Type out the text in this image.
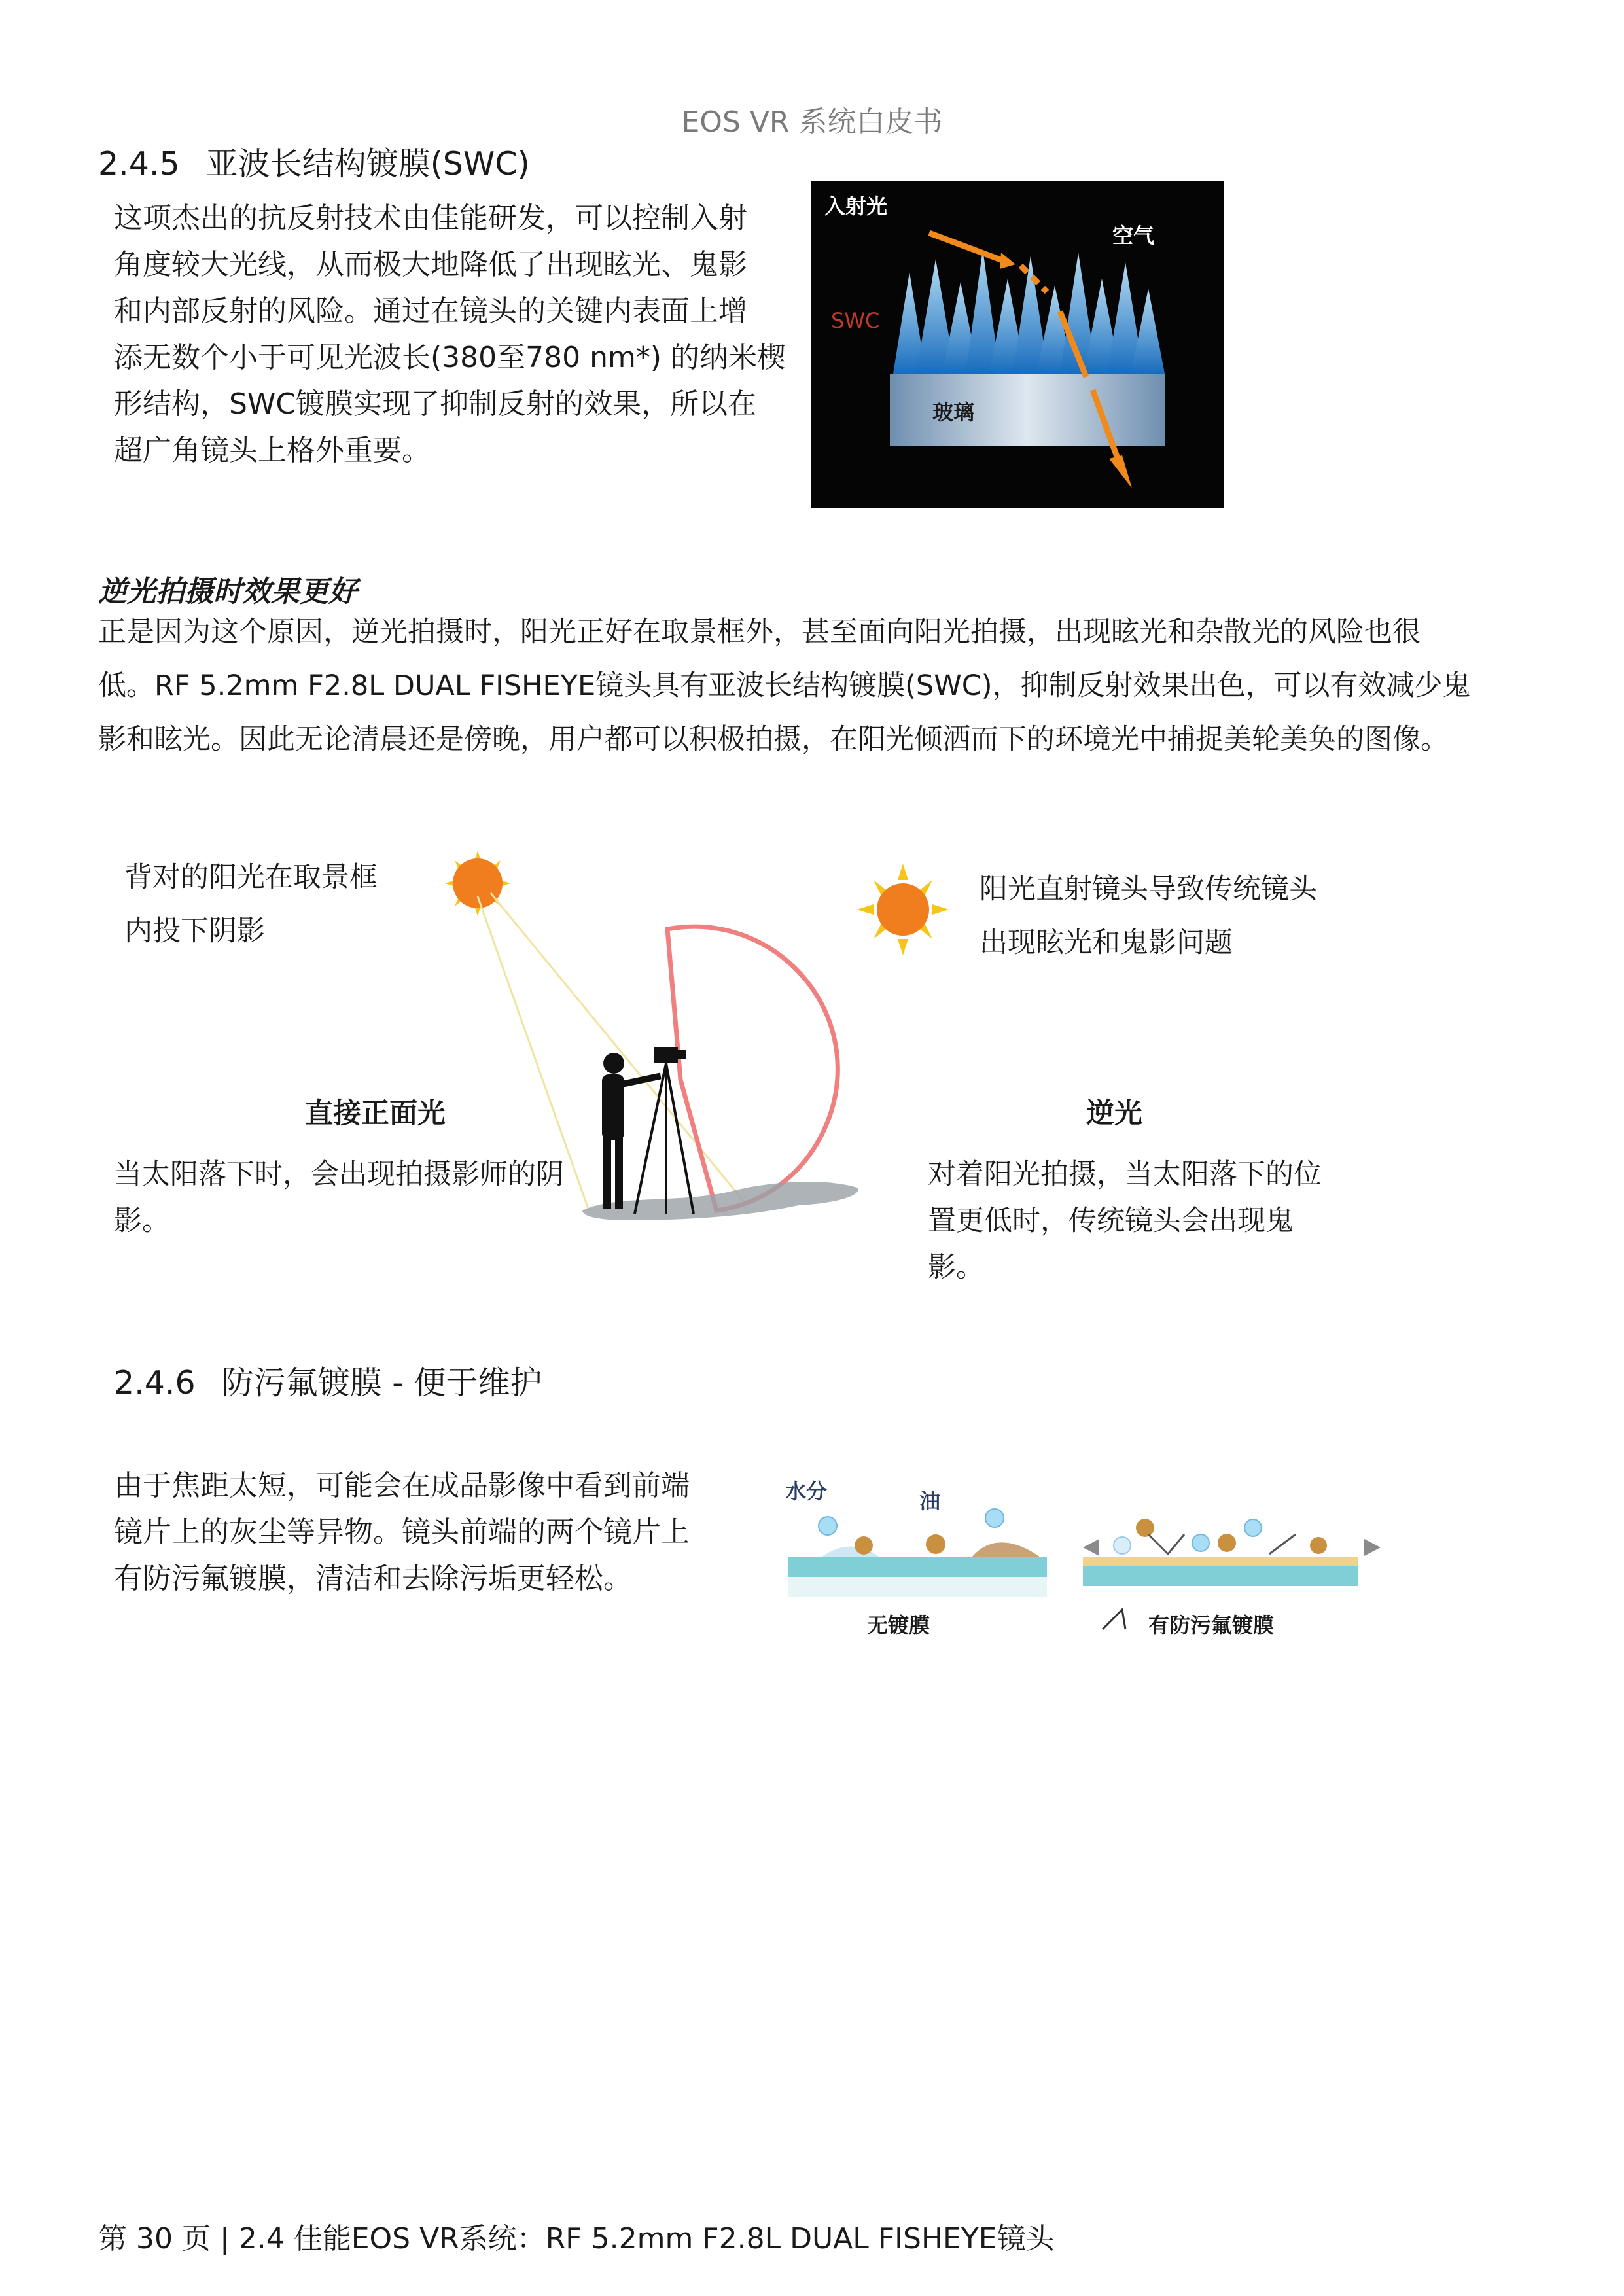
EOS VR 系统白皮书
2.4.5 亚波长结构镀膜(SWC)
这项杰出的抗反射技术由佳能研发，可以控制入射
角度较大光线，从而极大地降低了出现眩光、鬼影
和内部反射的风险。通过在镜头的关键内表面上增
添无数个小于可见光波长(380至780 nm*) 的纳米楔
形结构，SWC镀膜实现了抑制反射的效果，所以在
超广角镜头上格外重要。
入射光
空气
SWC
玻璃
逆光拍摄时效果更好
正是因为这个原因，逆光拍摄时，阳光正好在取景框外，甚至面向阳光拍摄，出现眩光和杂散光的风险也很
低。RF 5.2mm F2.8L DUAL FISHEYE镜头具有亚波长结构镀膜(SWC)，抑制反射效果出色，可以有效减少鬼
影和眩光。因此无论清晨还是傍晚，用户都可以积极拍摄，在阳光倾洒而下的环境光中捕捉美轮美奂的图像。
背对的阳光在取景框
内投下阴影
阳光直射镜头导致传统镜头
出现眩光和鬼影问题
直接正面光
当太阳落下时，会出现拍摄影师的阴
影。
逆光
对着阳光拍摄，当太阳落下的位
置更低时，传统镜头会出现鬼
影。
2.4.6 防污氟镀膜 - 便于维护
由于焦距太短，可能会在成品影像中看到前端
镜片上的灰尘等异物。镜头前端的两个镜片上
有防污氟镀膜，清洁和去除污垢更轻松。
水分	油
无镀膜	有防污氟镀膜
第 30 页 | 2.4 佳能EOS VR系统：RF 5.2mm F2.8L DUAL FISHEYE镜头
